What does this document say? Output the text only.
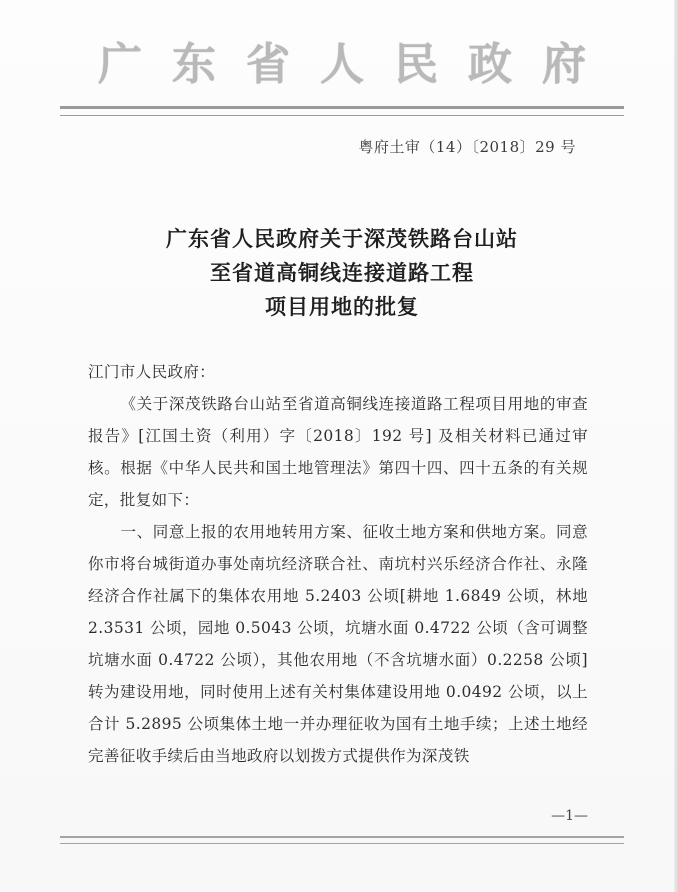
广 东 省 人 民 政 府
粤府土审（14）〔2018〕29 号
广东省人民政府关于深茂铁路台山站
至省道高铜线连接道路工程
项目用地的批复

江门市人民政府：

《关于深茂铁路台山站至省道高铜线连接道路工程项目用地的审查报告》[江国土资（利用）字〔2018〕192 号] 及相关材料已通过审核。根据《中华人民共和国土地管理法》第四十四、四十五条的有关规定，批复如下：

一、同意上报的农用地转用方案、征收土地方案和供地方案。同意你市将台城街道办事处南坑经济联合社、南坑村兴乐经济合作社、永隆经济合作社属下的集体农用地 5.2403 公顷[耕地 1.6849 公顷，林地 2.3531 公顷，园地 0.5043 公顷，坑塘水面 0.4722 公顷（含可调整坑塘水面 0.4722 公顷），其他农用地（不含坑塘水面）0.2258 公顷]转为建设用地，同时使用上述有关村集体建设用地 0.0492 公顷，以上合计 5.2895 公顷集体土地一并办理征收为国有土地手续；上述土地经完善征收手续后由当地政府以划拨方式提供作为深茂铁

—1—
